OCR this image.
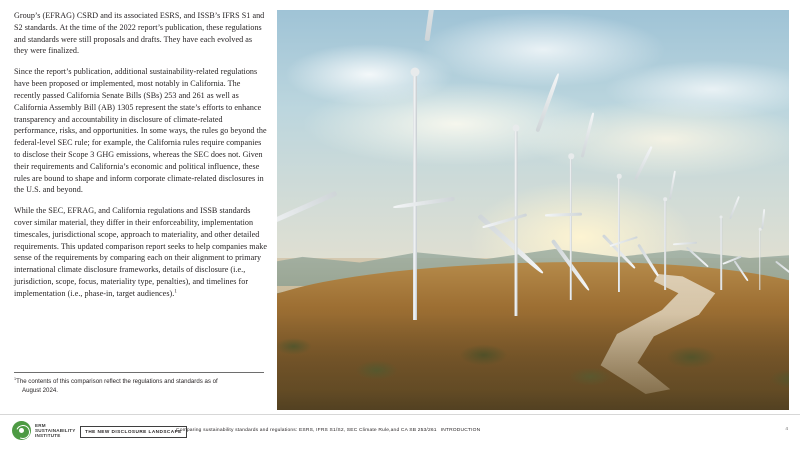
Group’s (EFRAG) CSRD and its associated ESRS, and ISSB’s IFRS S1 and S2 standards. At the time of the 2022 report’s publication, these regulations and standards were still proposals and drafts. They have each evolved as they were finalized.

Since the report’s publication, additional sustainability-related regulations have been proposed or implemented, most notably in California. The recently passed California Senate Bills (SBs) 253 and 261 as well as California Assembly Bill (AB) 1305 represent the state’s efforts to enhance transparency and accountability in disclosure of climate-related performance, risks, and opportunities. In some ways, the rules go beyond the federal-level SEC rule; for example, the California rules require companies to disclose their Scope 3 GHG emissions, whereas the SEC does not. Given their requirements and California’s economic and political influence, these rules are bound to shape and inform corporate climate-related disclosures in the U.S. and beyond.

While the SEC, EFRAG, and California regulations and ISSB standards cover similar material, they differ in their enforceability, implementation timescales, jurisdictional scope, approach to materiality, and other detailed requirements. This updated comparison report seeks to help companies make sense of the requirements by comparing each on their alignment to primary international climate disclosure frameworks, details of disclosure (i.e., jurisdiction, scope, focus, materiality type, penalties), and timelines for implementation (i.e., phase-in, target audiences).$^1$

$^1$The contents of this comparison reflect the regulations and standards as of
August 2024.
ERM
SUSTAINABILITY
INSTITUTE
THE NEW DISCLOSURE LANDSCAPE
Comparing sustainability standards and regulations: ESRS, IFRS S1/S2, SEC Climate Rule,and CA SB 253/261 INTRODUCTION	4
